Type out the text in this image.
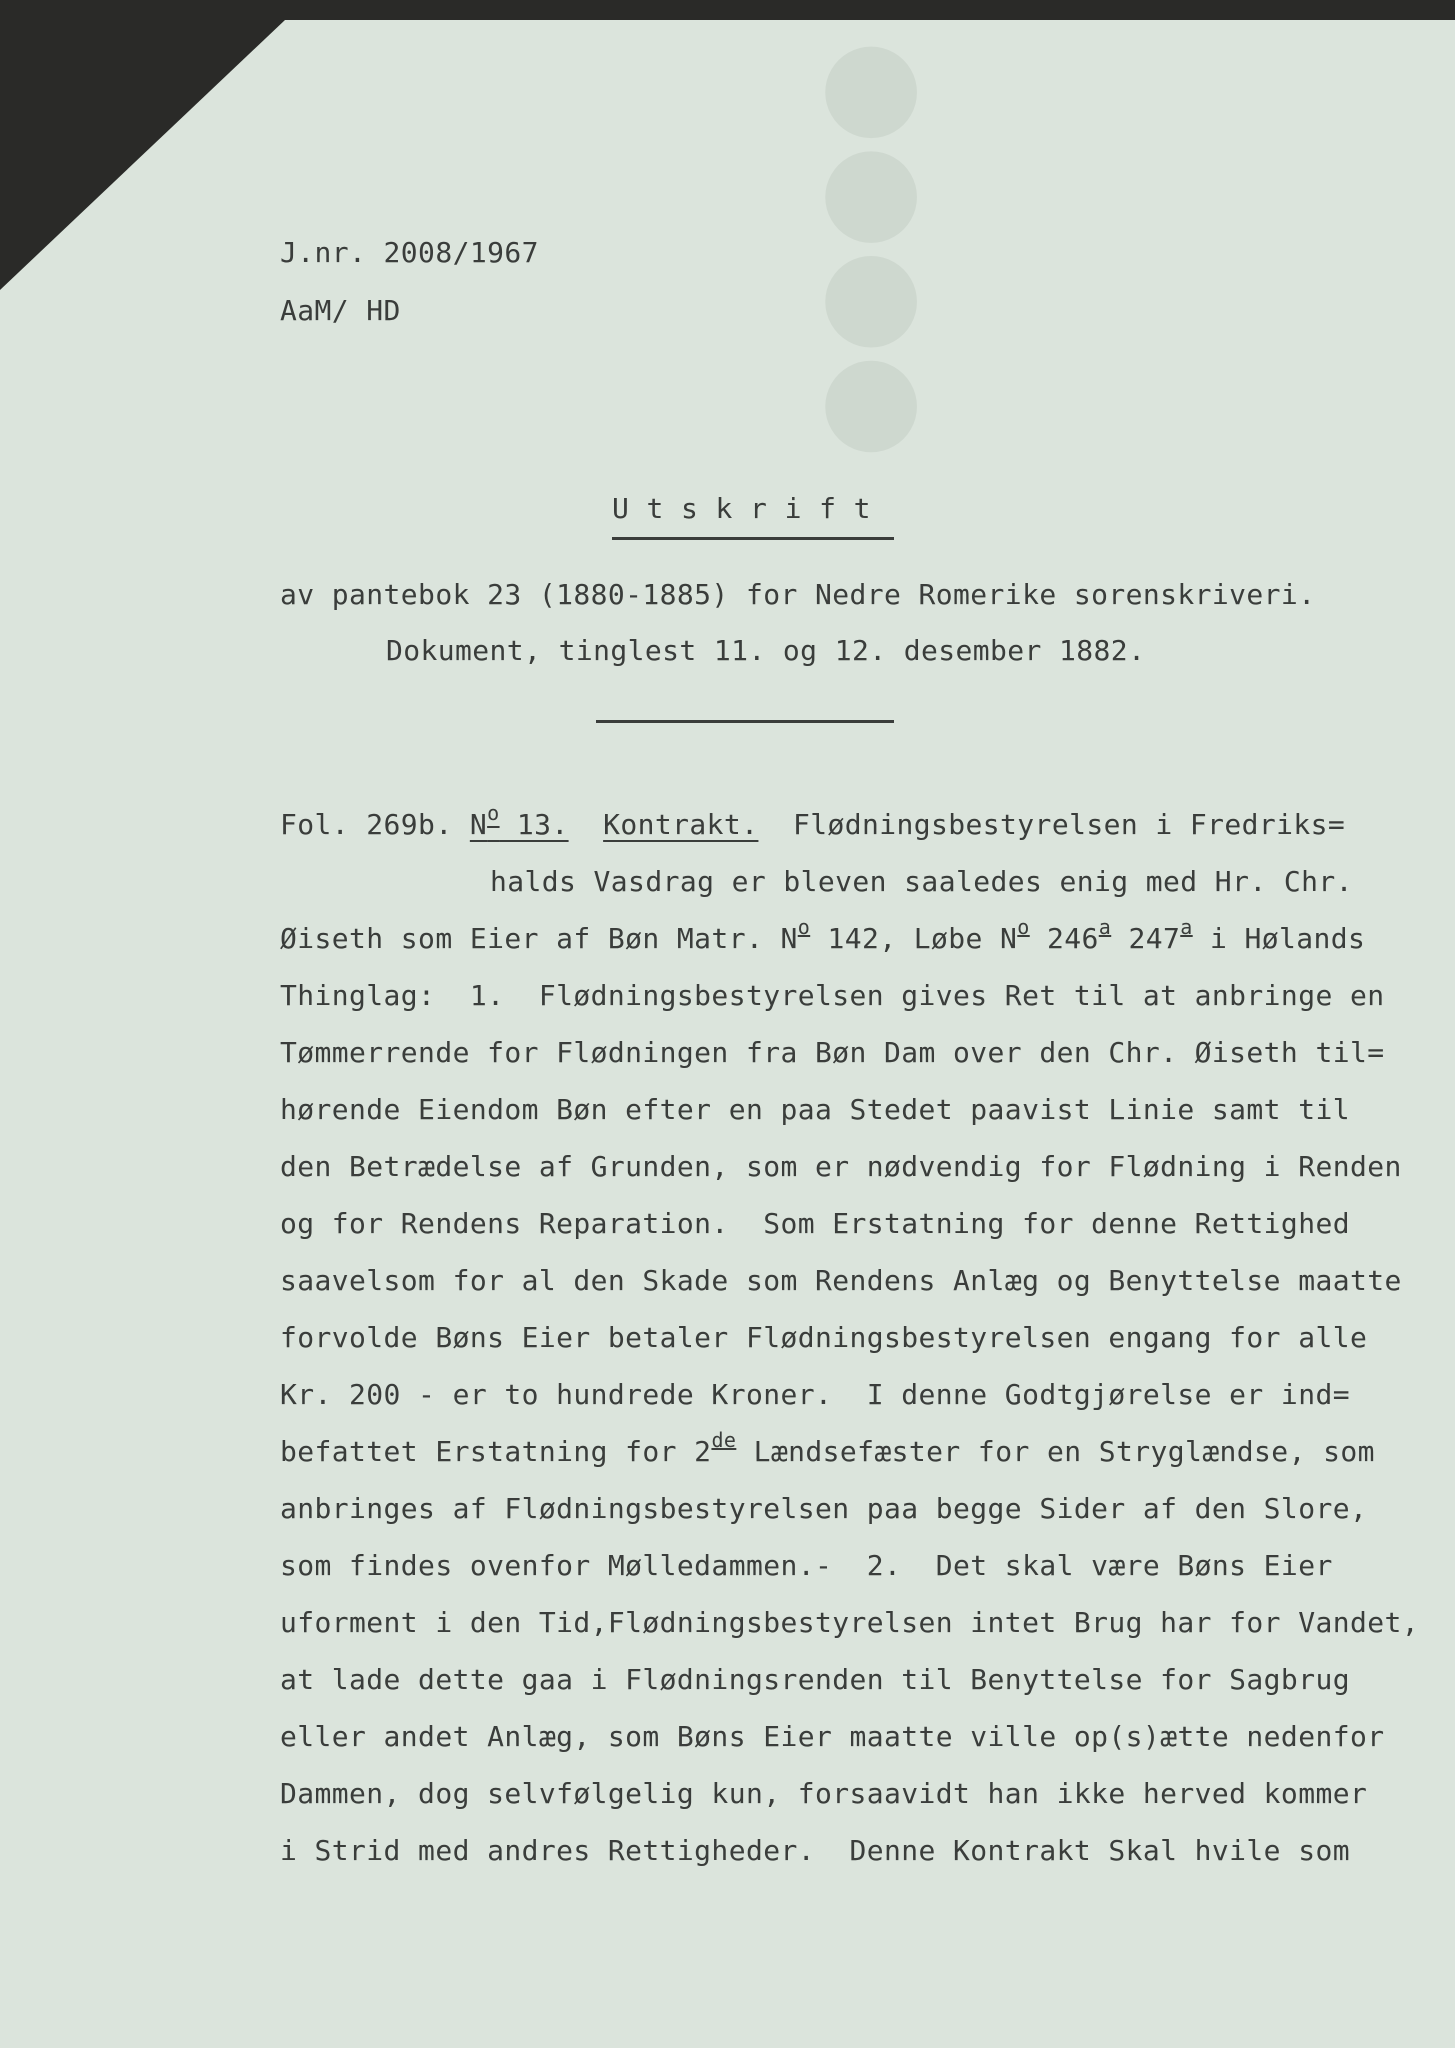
●●●●
J.nr. 2008/1967
AaM/ HD
U t s k r i f t
av pantebok 23 (1880-1885) for Nedre Romerike sorenskriveri.
Dokument, tinglest 11. og 12. desember 1882.
Fol. 269b. $N^o$ 13. Kontrakt.  Flødningsbestyrelsen i Fredriks=
halds Vasdrag er bleven saaledes enig med Hr. Chr.
Øiseth som Eier af Bøn Matr. $N^o$ 142, Løbe $N^o$ 246$^a$ 247$^a$ i Hølands
Thinglag:  1.  Flødningsbestyrelsen gives Ret til at anbringe en
Tømmerrende for Flødningen fra Bøn Dam over den Chr. Øiseth til=
hørende Eiendom Bøn efter en paa Stedet paavist Linie samt til
den Betrædelse af Grunden, som er nødvendig for Flødning i Renden
og for Rendens Reparation.  Som Erstatning for denne Rettighed
saavelsom for al den Skade som Rendens Anlæg og Benyttelse maatte
forvolde Bøns Eier betaler Flødningsbestyrelsen engang for alle
Kr. 200 - er to hundrede Kroner.  I denne Godtgjørelse er ind=
befattet Erstatning for 2de Lændsefæster for en Stryglændse, som
anbringes af Flødningsbestyrelsen paa begge Sider af den Slore,
som findes ovenfor Mølledammen.-  2.  Det skal være Bøns Eier
uforment i den Tid,Flødningsbestyrelsen intet Brug har for Vandet,
at lade dette gaa i Flødningsrenden til Benyttelse for Sagbrug
eller andet Anlæg, som Bøns Eier maatte ville op(s)ætte nedenfor
Dammen, dog selvfølgelig kun, forsaavidt han ikke herved kommer
i Strid med andres Rettigheder.  Denne Kontrakt Skal hvile som
